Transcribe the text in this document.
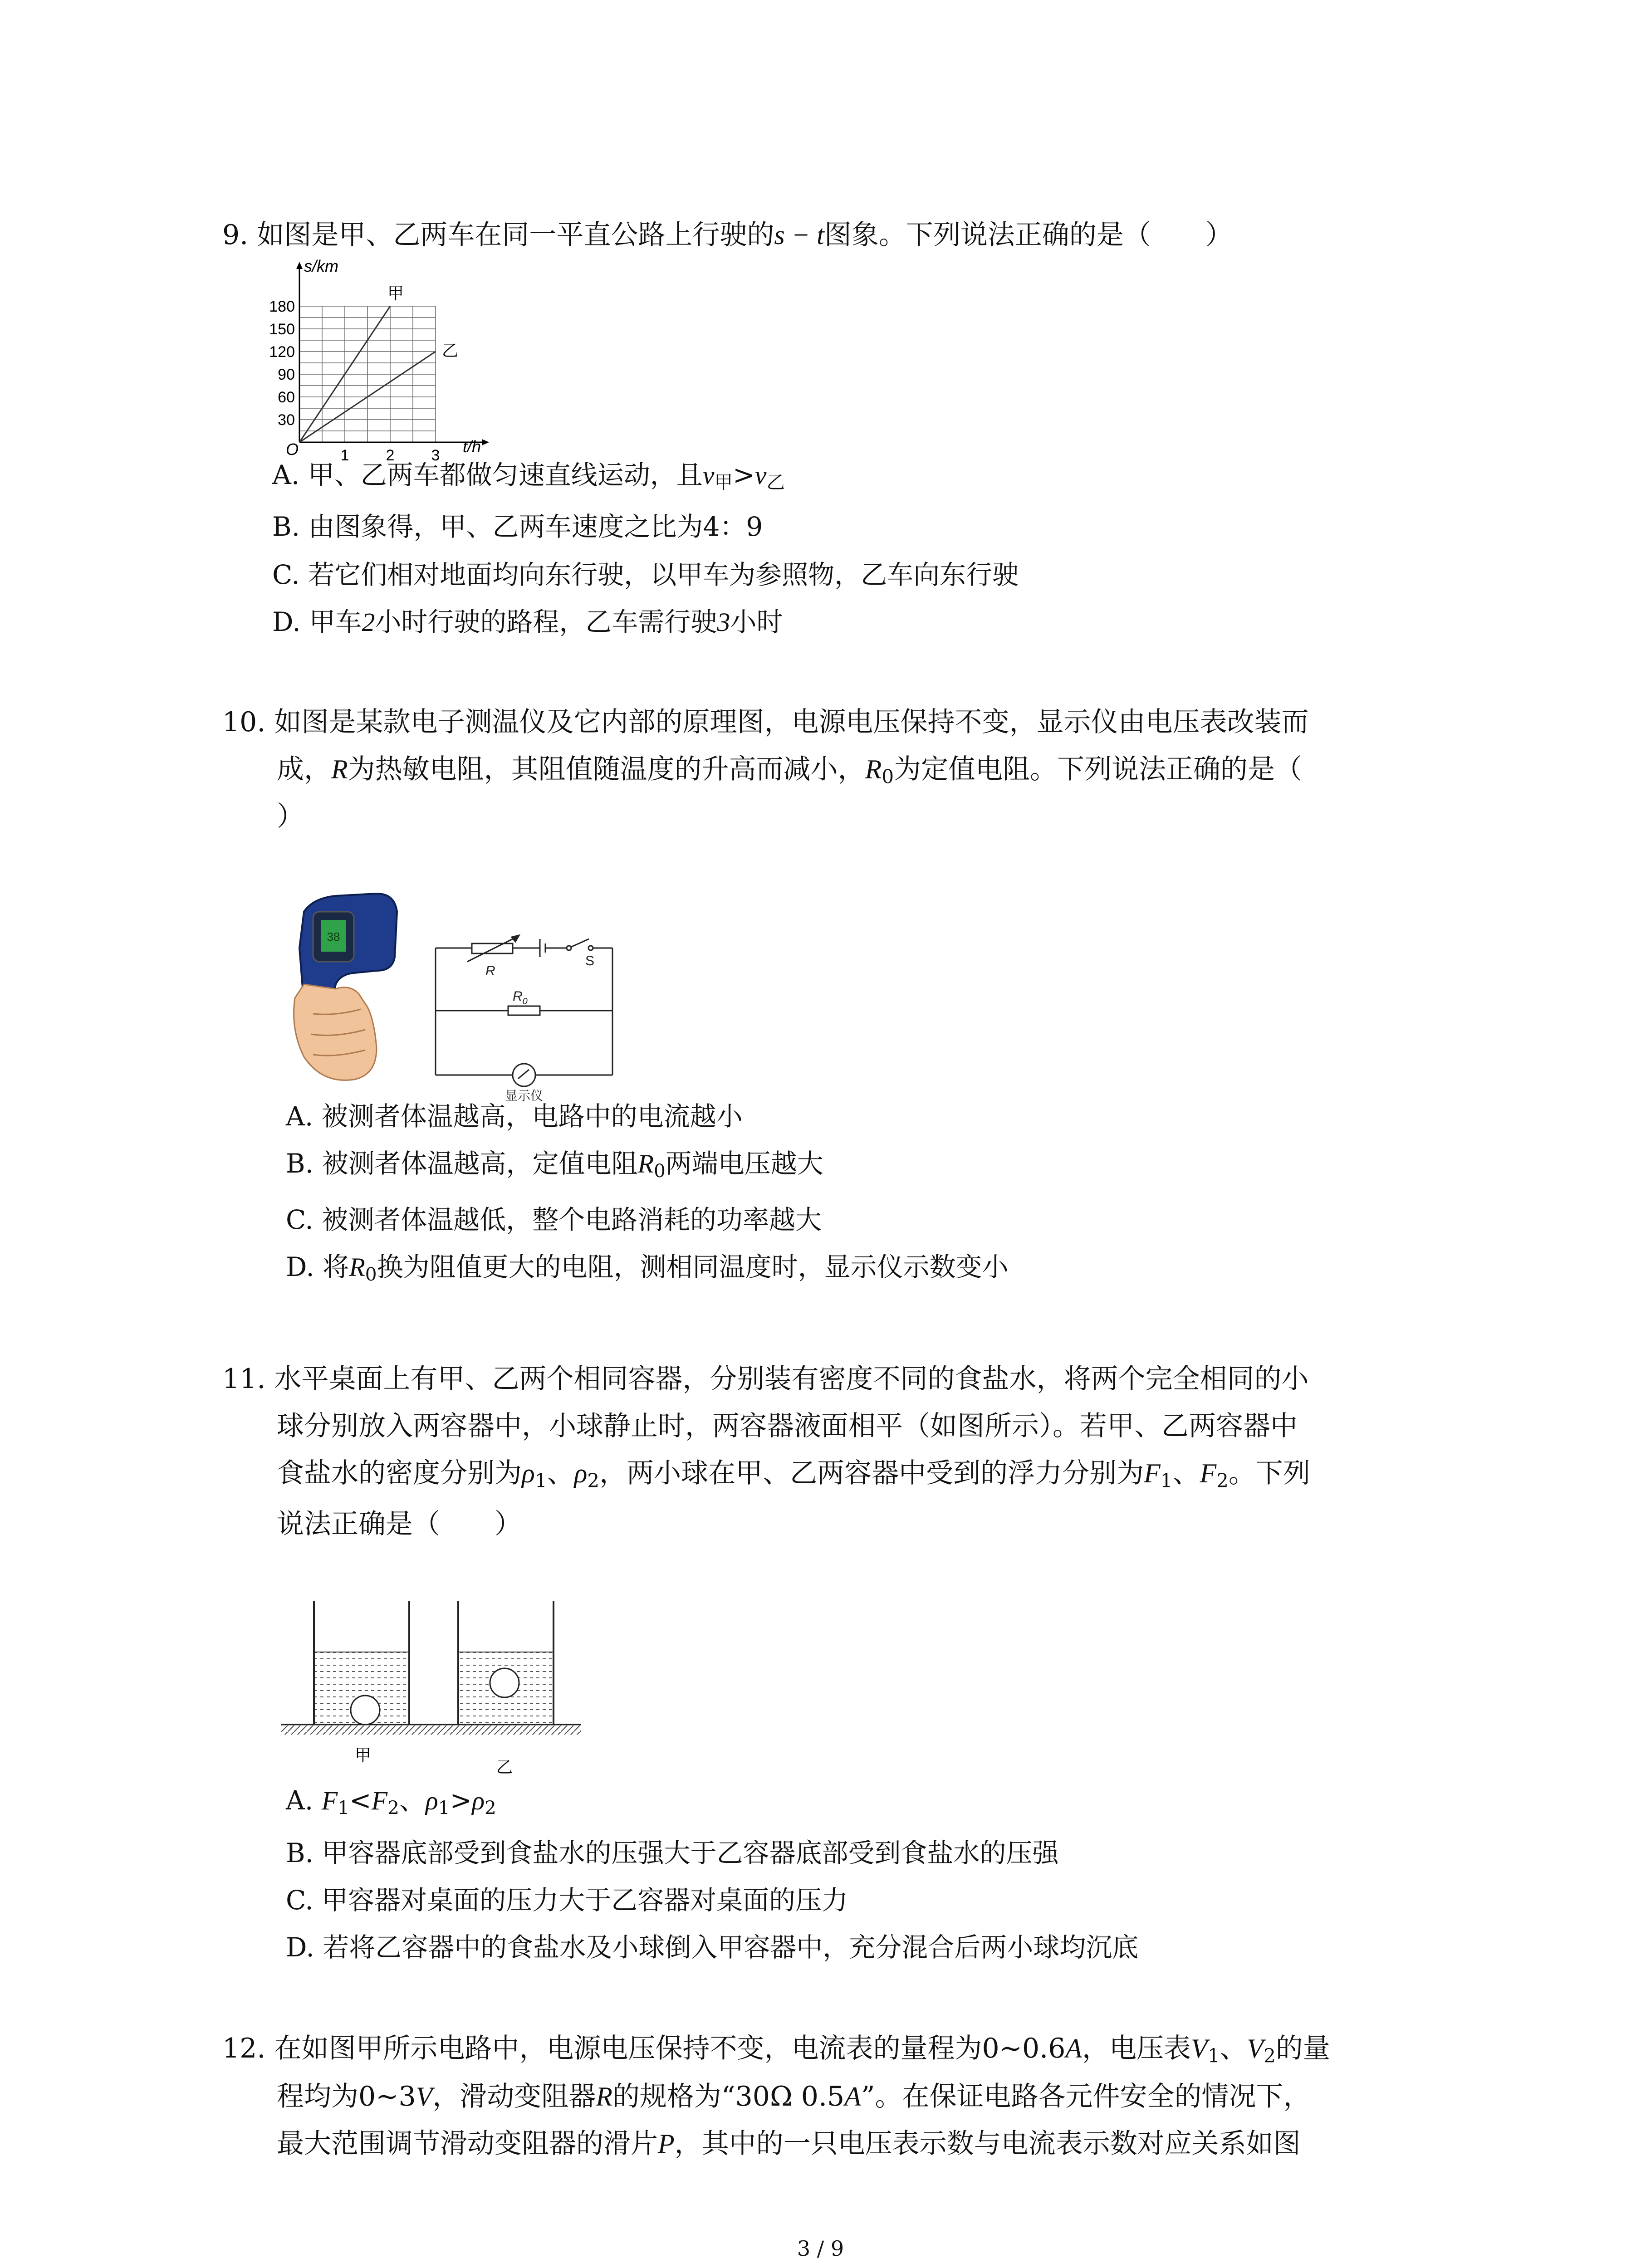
9. 如图是甲、乙两车在同一平直公路上行驶的s − t图象。下列说法正确的是（　　）
甲
乙
30
60
90
120
150
180
1 2 3
s/km
t/h
O
A. 甲、乙两车都做匀速直线运动，且$v_甲>v_乙$
B. 由图象得，甲、乙两车速度之比为4：9
C. 若它们相对地面均向东行驶，以甲车为参照物，乙车向东行驶
D. 甲车2小时行驶的路程，乙车需行驶3小时
10. 如图是某款电子测温仪及它内部的原理图，电源电压保持不变，显示仪由电压表改装而
成，R为热敏电阻，其阻值随温度的升高而减小，$R_0$为定值电阻。下列说法正确的是（
）
38
R
S
$R_0$
显示仪
A. 被测者体温越高，电路中的电流越小
B. 被测者体温越高，定值电阻$R_0$两端电压越大
C. 被测者体温越低，整个电路消耗的功率越大
D. 将$R_0$换为阻值更大的电阻，测相同温度时，显示仪示数变小
11. 水平桌面上有甲、乙两个相同容器，分别装有密度不同的食盐水，将两个完全相同的小
球分别放入两容器中，小球静止时，两容器液面相平（如图所示）。若甲、乙两容器中
食盐水的密度分别为$\rho_1$、$\rho_2$，两小球在甲、乙两容器中受到的浮力分别为$F_1$、$F_2$。下列
说法正确是（　　）
甲
乙
A. $F_1<F_2$、$\rho_1>\rho_2$
B. 甲容器底部受到食盐水的压强大于乙容器底部受到食盐水的压强
C. 甲容器对桌面的压力大于乙容器对桌面的压力
D. 若将乙容器中的食盐水及小球倒入甲容器中，充分混合后两小球均沉底
12. 在如图甲所示电路中，电源电压保持不变，电流表的量程为0∼0.6A，电压表$V_1$、$V_2$的量
程均为0∼3V，滑动变阻器R的规格为“30Ω 0.5A”。在保证电路各元件安全的情况下，
最大范围调节滑动变阻器的滑片P，其中的一只电压表示数与电流表示数对应关系如图
3 / 9
